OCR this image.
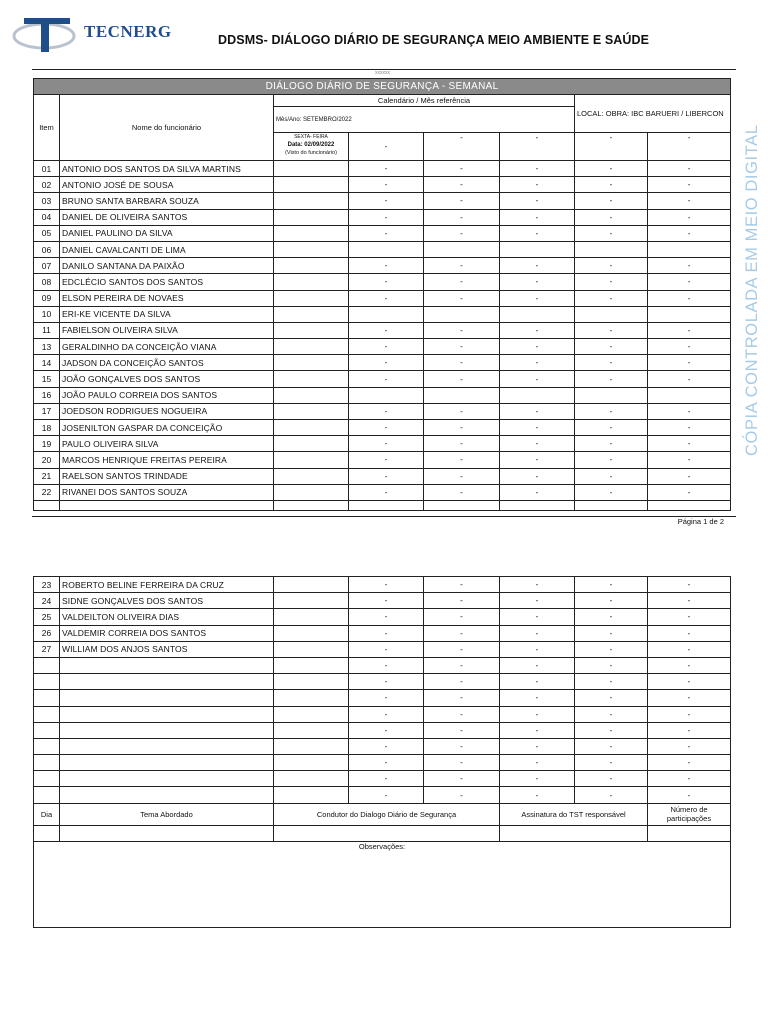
TECNERG	DDSMS- DIÁLOGO DIÁRIO DE SEGURANÇA MEIO AMBIENTE E SAÚDE
xxxxxx
CÓPIA CONTROLADA EM MEIO DIGITAL
DIÁLOGO DIÁRIO DE SEGURANÇA - SEMANAL							
Item	Nome do funcionário	Calendário / Mês referência				LOCAL: OBRA: IBC BARUERI / LIBERCON	
		Mês/Ano: SETEMBRO/2022					

		SEXTA- FEIRA
Data: 02/09/2022
(Visto do funcionário)	-	-	-	-	-
01	ANTONIO DOS SANTOS DA SILVA MARTINS		-	-	-	-	-
02	ANTONIO JOSÉ DE SOUSA		-	-	-	-	-
03	BRUNO SANTA BARBARA SOUZA		-	-	-	-	-
04	DANIEL DE OLIVEIRA SANTOS		-	-	-	-	-
05	DANIEL PAULINO DA SILVA		-	-	-	-	-
06	DANIEL CAVALCANTI DE LIMA						
07	DANILO SANTANA DA PAIXÃO		-	-	-	-	-
08	EDCLÉCIO SANTOS DOS SANTOS		-	-	-	-	-
09	ELSON PEREIRA DE NOVAES		-	-	-	-	-
10	ERI-KE VICENTE DA SILVA						
11	FABIELSON OLIVEIRA SILVA		-	-	-	-	-
13	GERALDINHO DA CONCEIÇÃO VIANA		-	-	-	-	-
14	JADSON DA CONCEIÇÃO SANTOS		-	-	-	-	-
15	JOÃO GONÇALVES DOS SANTOS		-	-	-	-	-
16	JOÃO PAULO CORREIA DOS SANTOS						
17	JOEDSON RODRIGUES NOGUEIRA		-	-	-	-	-
18	JOSENILTON GASPAR DA CONCEIÇÃO		-	-	-	-	-
19	PAULO OLIVEIRA SILVA		-	-	-	-	-
20	MARCOS HENRIQUE FREITAS PEREIRA		-	-	-	-	-
21	RAELSON SANTOS TRINDADE		-	-	-	-	-
22	RIVANEI DOS SANTOS SOUZA		-	-	-	-	-

Página 1 de 2
23	ROBERTO BELINE FERREIRA DA CRUZ		-	-	-	-	-
24	SIDNE GONÇALVES DOS SANTOS		-	-	-	-	-
25	VALDEILTON OLIVEIRA DIAS		-	-	-	-	-
26	VALDEMIR CORREIA DOS SANTOS		-	-	-	-	-
27	WILLIAM DOS ANJOS SANTOS		-	-	-	-	-
			-	-	-	-	-
			-	-	-	-	-
			-	-	-	-	-
			-	-	-	-	-
			-	-	-	-	-
			-	-	-	-	-
			-	-	-	-	-
			-	-	-	-	-
			-	-	-	-	-
Dia	Tema Abordado	Condutor do Dialogo Diário de Segurança			Assinatura do TST responsável		Número de participações

Observações:							
